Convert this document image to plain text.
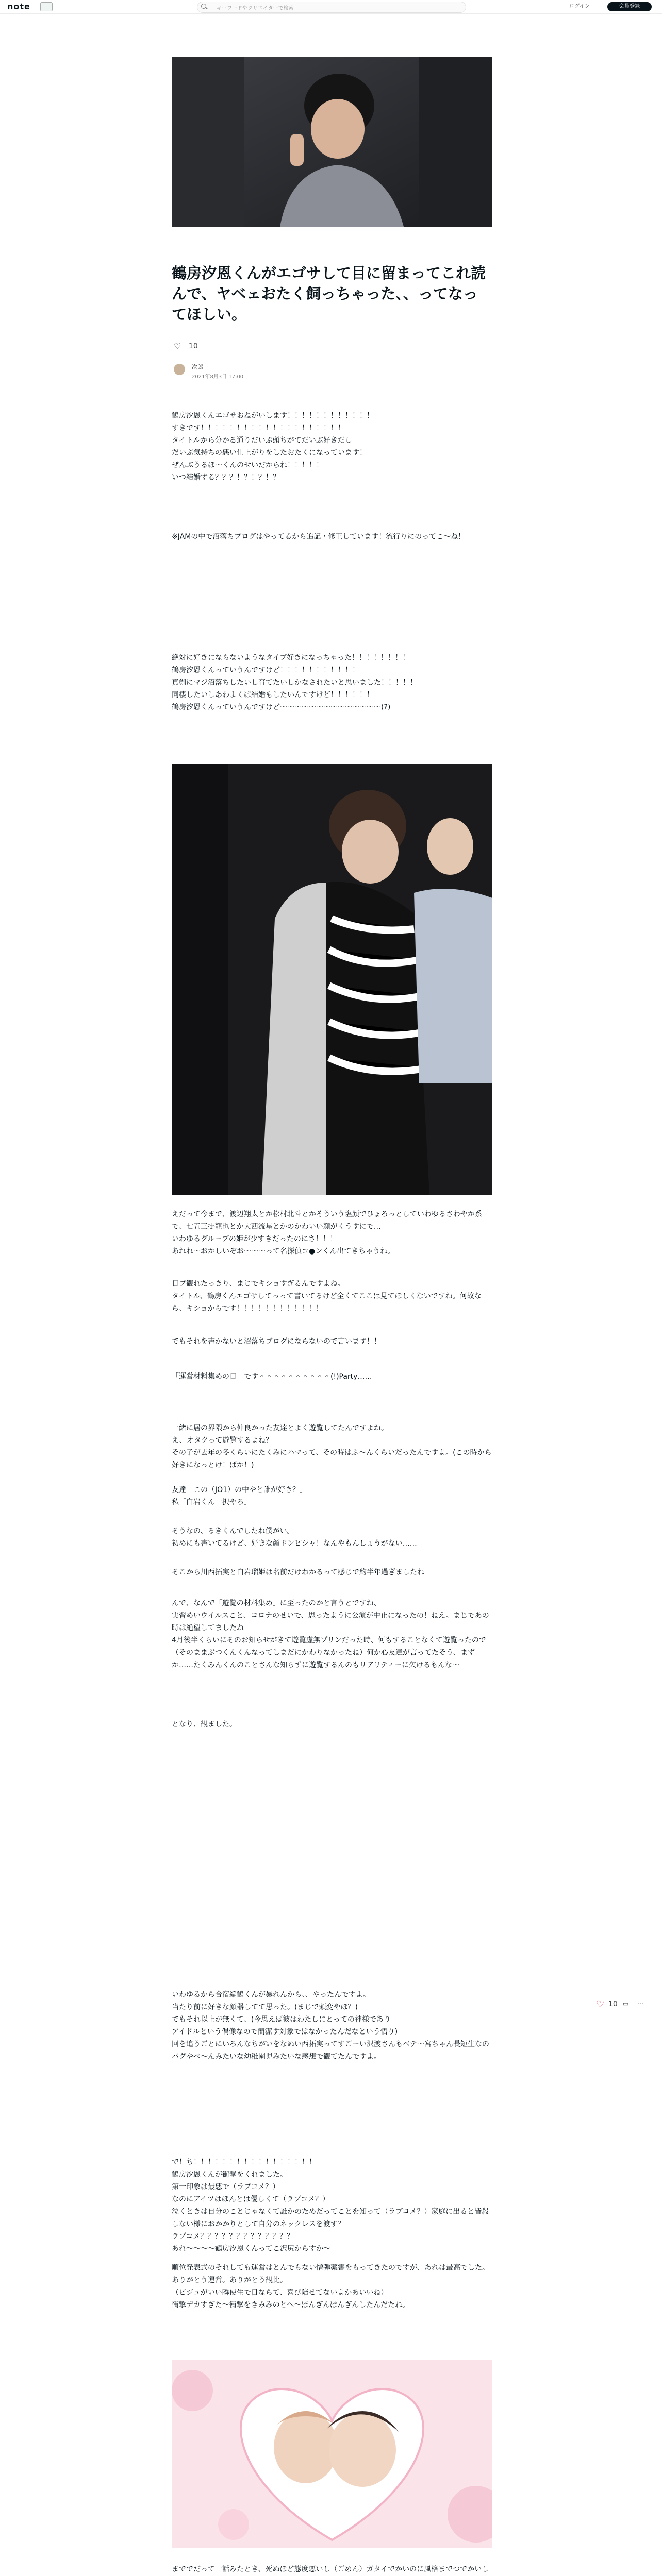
note	キーワードやクリエイターで検索	ログイン	会員登録
鶴房汐恩くんがエゴサして目に留まってこれ読んで、ヤベェおたく飼っちゃった、、ってなってほしい。
♡ 10
次郎
2021年8月3日 17:00
鶴房汐恩くんエゴサおねがいします！！！！！！！！！！！！
すきです！！！！！！！！！！！！！！！！！！！！
タイトルから分かる通りだいぶ頭ちがてだいぶ好きだし
だいぶ気持ちの悪い仕上がりをしたおたくになっています！
ぜんぶうるほ〜くんのせいだからね！！！！！
いつ結婚する？？？！？！？！？
※JAMの中で沼落ちブログはやってるから追記・修正しています！流行りにのってこ〜ね！
絶対に好きにならないようなタイプ好きになっちゃった！！！！！！！！
鶴房汐恩くんっていうんですけど！！！！！！！！！！！
真剣にマジ沼落ちしたいし育てたいしかなされたいと思いました！！！！！
同棲したいしあわよくば結婚もしたいんですけど！！！！！！
鶴房汐恩くんっていうんですけど〜〜〜〜〜〜〜〜〜〜〜〜〜〜(?)
えだって今まで、渡辺翔太とか松村北斗とかそういう塩顔でひょろっとしていわゆるさわやか系で、七五三掛龍也とか大西流星とかのかわいい顔がくうすにで…
いわゆるグループの姫が少すきだったのにさ！！！
あれれ〜おかしいぞお〜〜〜って名探偵コ●ンくん出てきちゃうね。
日ブ観れたっきり、まじでキショすぎるんですよね。
タイトル、鶴房くんエゴサしてっって書いてるけど全くてここは見てほしくないですね。何故なら、キショからです！！！！！！！！！！！！
でもそれを書かないと沼落ちブログにならないので言います！！
「運営材料集めの日」です＾＾＾＾＾＾＾＾＾＾(!)Party……
一緒に居の界隈から仲良かった友達とよく遊覧してたんですよね。
え、オタクって遊覧するよね？
その子が去年の冬くらいにたくみにハマって、その時はふ〜んくらいだったんですよ。(この時から好きになっとけ！ばか！)
友達「この（JO1）の中やと誰が好き？」
私「白岩くん一択やろ」
そうなの、るきくんでしたね僕がい。
初めにも書いてるけど、好きな顔ドンピシャ！なんやもんしょうがない……
そこから川西拓実と白岩瑠姫は名前だけわかるって感じで約半年過ぎましたね
んで、なんで「遊覧の材料集め」に至ったのかと言うとですね、
実習めいウイルスこと、コロナのせいで、思ったように公演が中止になったの！ねえ。まじであの時は絶望してましたね
4月後半くらいにそのお知らせがきて遊覧虚無プリンだった時、何もすることなくて遊覧ったので（そのままぶつくんくんなってしまだにかわりなかったね）何か心友達が言ってたそう、まずか……たくみんくんのことさんな知らずに遊覧するんのもリアリティーに欠けるもんな〜
となり、観ました。
♡ 10 ▭ ⋯
いわゆるから合宿編鶴くんが暴れんから、、やったんですよ。
当たり前に好きな顔器してて思った。(まじで頭変やほ？)
でもそれ以上が無くて、(今思えば彼はわたしにとっての神様であり
アイドルという偶像なので簡潔す対象ではなかったんだなという悟り)
回を追うごとにいろんなちがいをなぬい西拓実ってすごーい沢渡さんもベテ〜宮ちゃん長短生なのバグやべ〜んみたいな幼稚園児みたいな感想で観てたんですよ。
で！ち！！！！！！！！！！！！！！！！！
鶴房汐恩くんが衝撃をくれました。
第一印象は最悪で（ラブコメ？）
なのにアイツはほんとは優しくて（ラブコメ？）
泣くときは自分のことじゃなくて誰かのためだってことを知って（ラブコメ？）家庭に出ると皆殺しない様におかかりとして自分のネックレスを渡す？
ラブコメ？？？？？？？？？？？？？
あれ〜〜〜〜鶴房汐恩くんってこ沢尻からすか〜
順位発表式のそれしても運営はとんでもない憎弾薬害をもってきたのですが、あれは最高でした。ありがとう運営。ありがとう観比。
（ビジュがいい瞬使生で日ならて、喜び陪せてないよかあいいね）
衝撃デカすぎた〜衝撃をきみみのとへ〜ぼんぎんぽんぎんしたんだたね。
まででだって一話みたとき、死ぬほど態度悪いし（ごめん）ガタイでかいのに風格までつでかいし
